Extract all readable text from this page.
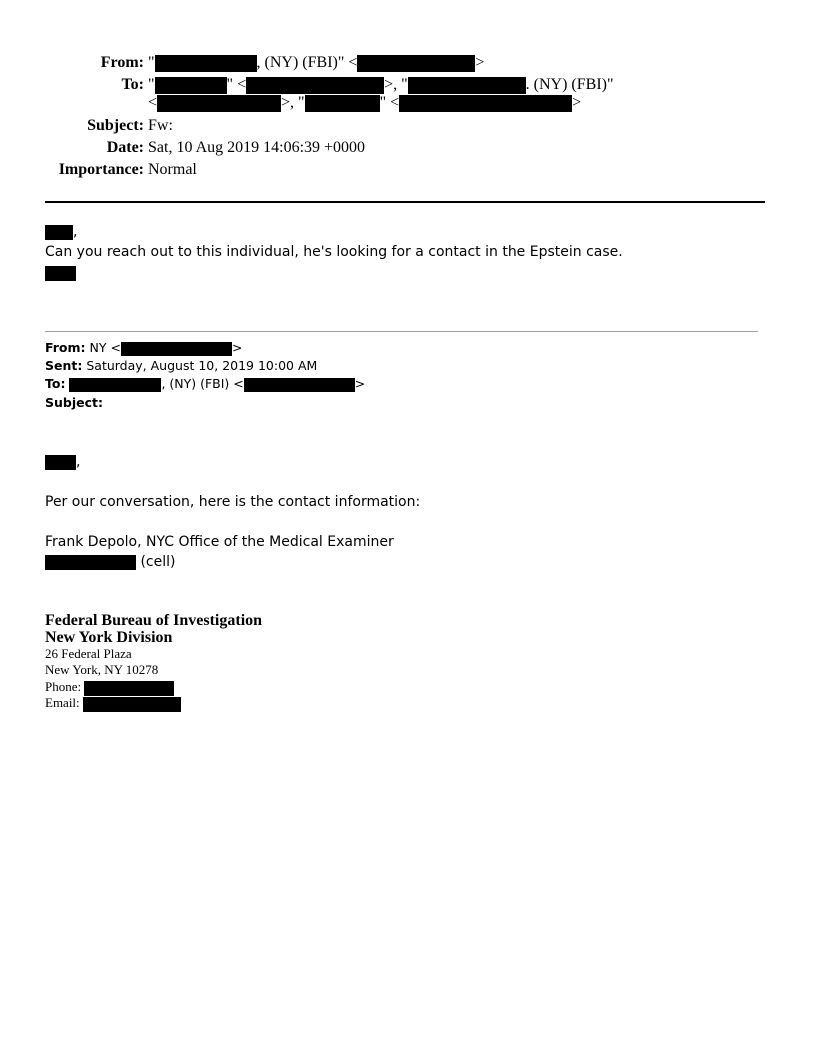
From: "	, (NY) (FBI)" <	>
To: "	" <	>, "	. (NY) (FBI)"
<	>, "	" <	>
Subject: Fw:
Date: Sat, 10 Aug 2019 14:06:39 +0000
Importance: Normal
,
Can you reach out to this individual, he's looking for a contact in the Epstein case.
From: NY <	>
Sent: Saturday, August 10, 2019 10:00 AM
To:	, (NY) (FBI) <	>
Subject:
,
Per our conversation, here is the contact information:
Frank Depolo, NYC Office of the Medical Examiner
(cell)
Federal Bureau of Investigation
New York Division
26 Federal Plaza
New York, NY 10278
Phone:
Email:
